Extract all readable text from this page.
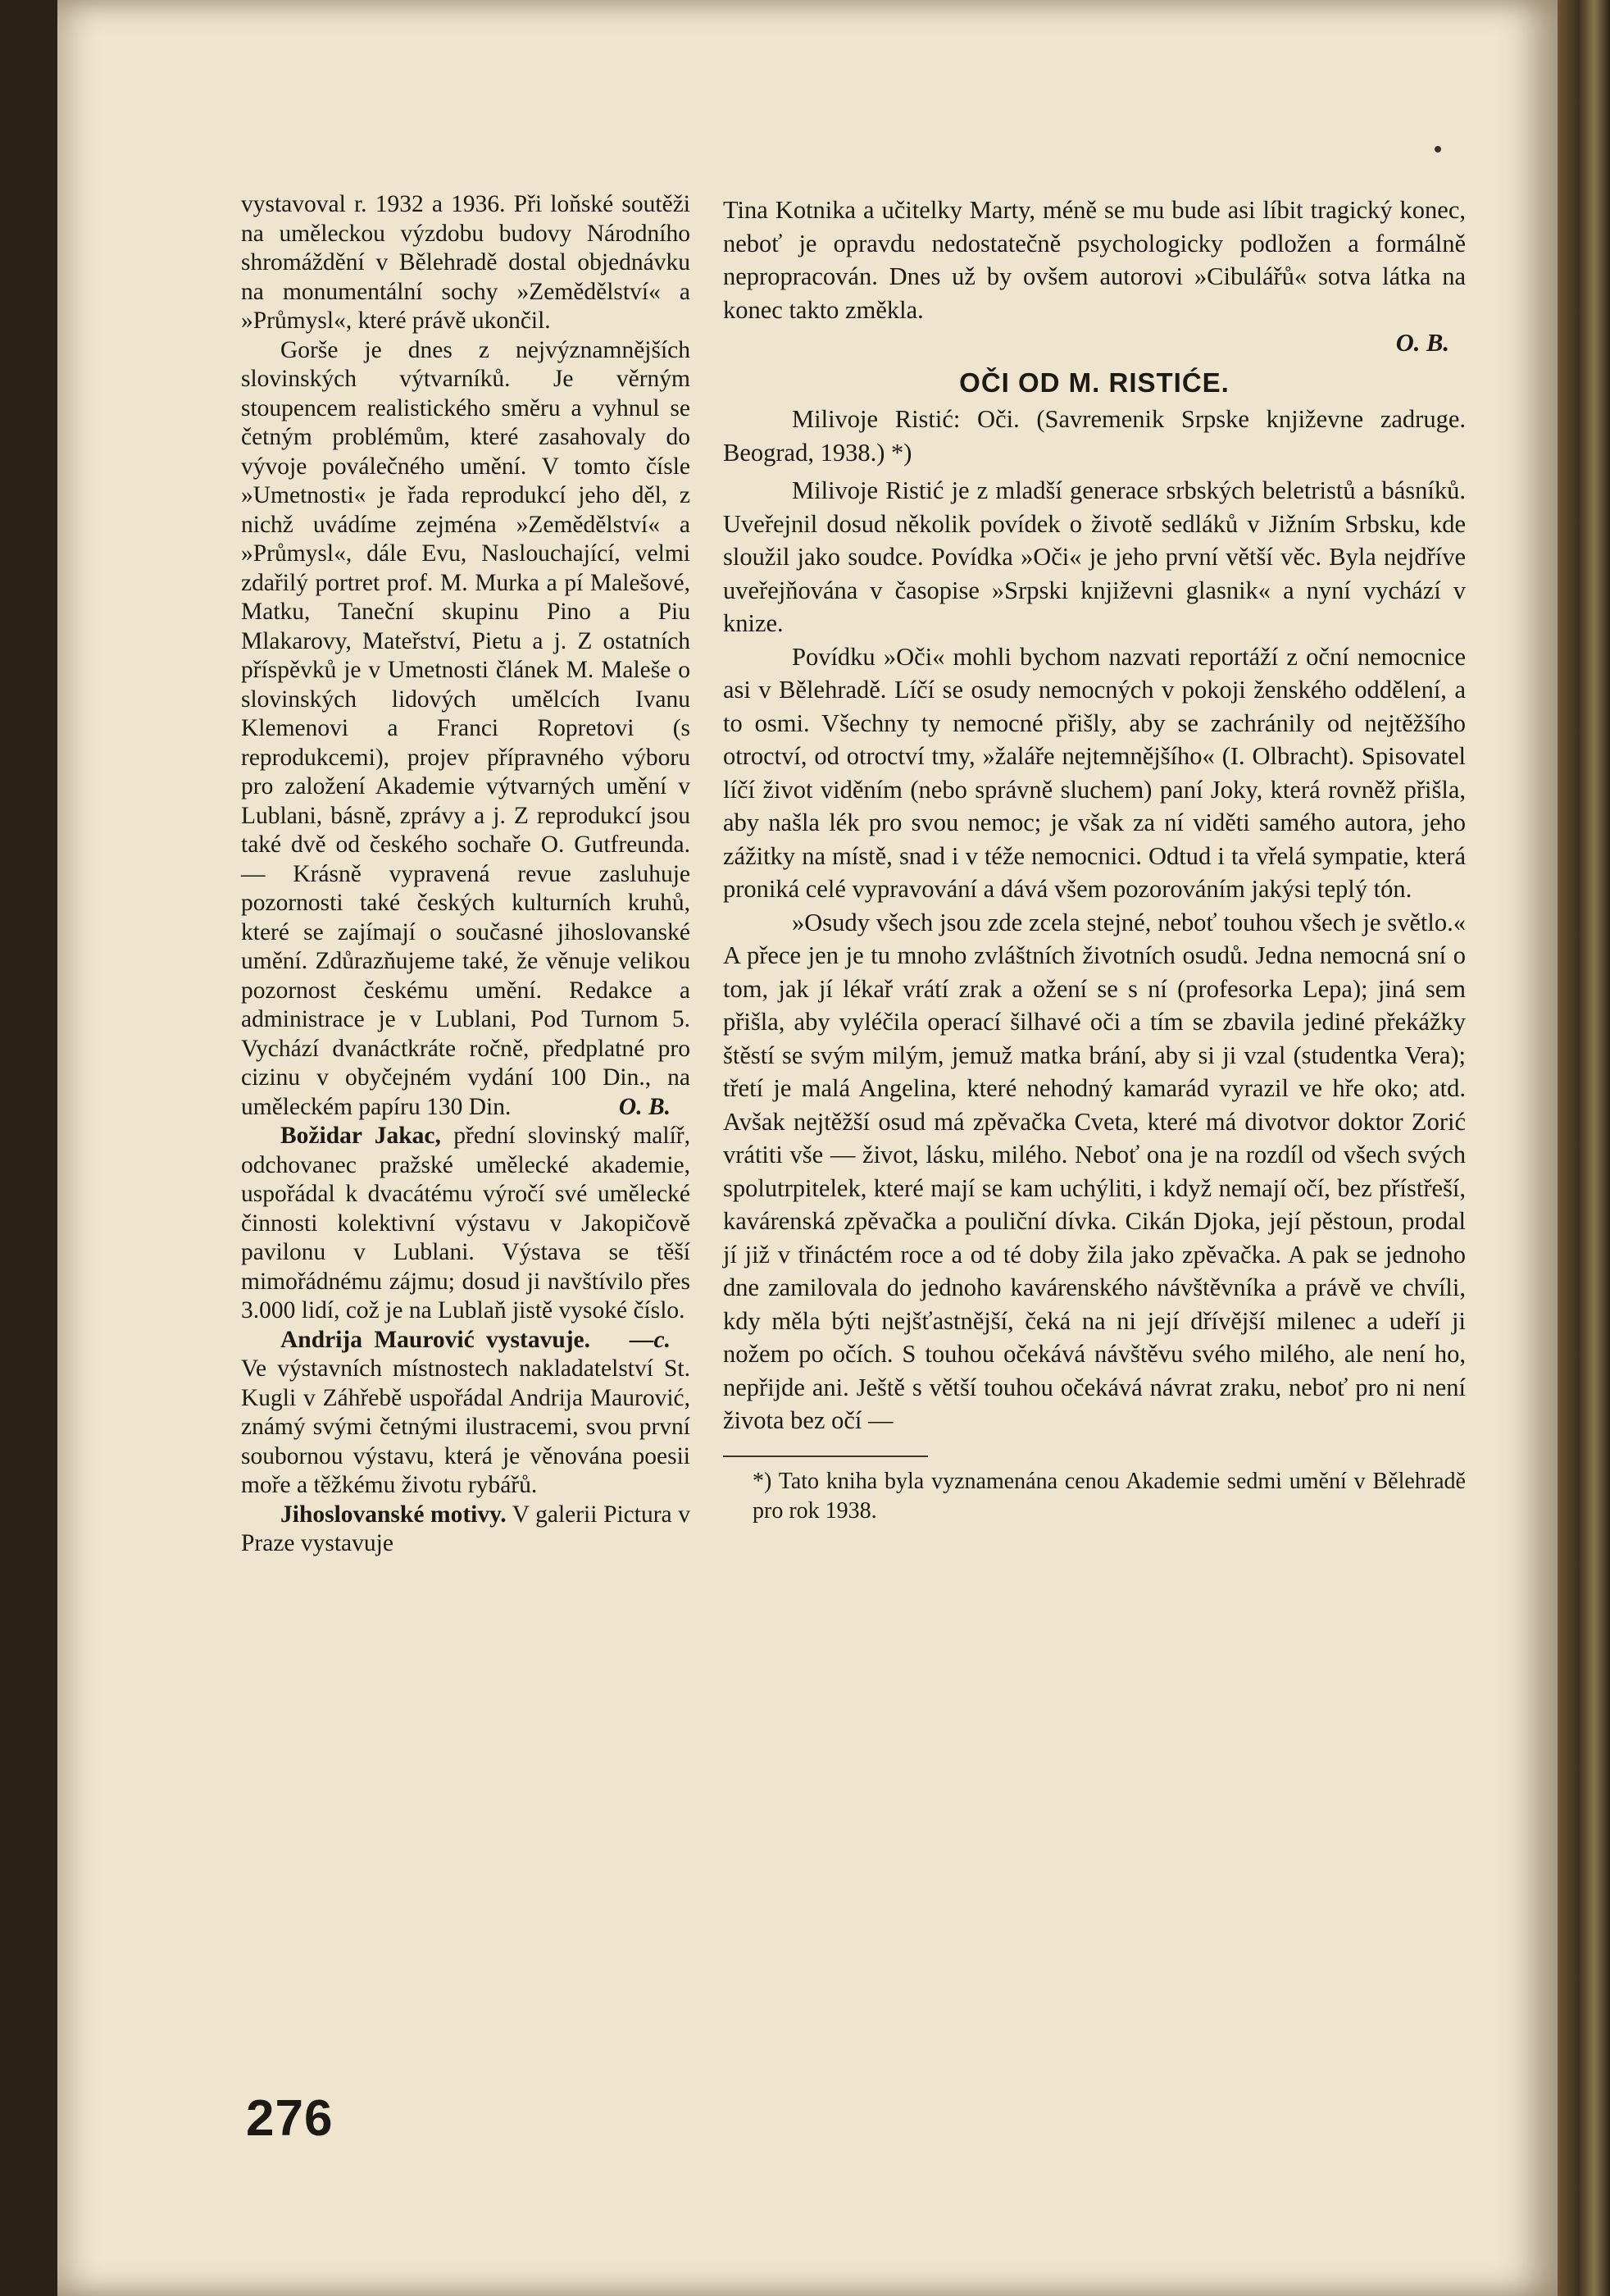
vystavoval r. 1932 a 1936. Při loňské soutěži na uměleckou výzdobu budovy Národního shromáždění v Bělehradě dostal objednávku na monumentální sochy »Zemědělství« a »Průmysl«, které právě ukončil.

Gorše je dnes z nejvýznamnějších slovinských výtvarníků. Je věrným stoupencem realistického směru a vyhnul se četným problémům, které zasahovaly do vývoje poválečného umění. V tomto čísle »Umetnosti« je řada reprodukcí jeho děl, z nichž uvádíme zejména »Zemědělství« a »Průmysl«, dále Evu, Naslouchající, velmi zdařilý portret prof. M. Murka a pí Malešové, Matku, Taneční skupinu Pino a Piu Mlakarovy, Mateřství, Pietu a j. Z ostatních příspěvků je v Umetnosti článek M. Maleše o slovinských lidových umělcích Ivanu Klemenovi a Franci Ropretovi (s reprodukcemi), projev přípravného výboru pro založení Akademie výtvarných umění v Lublani, básně, zprávy a j. Z reprodukcí jsou také dvě od českého sochaře O. Gutfreunda. — Krásně vypravená revue zasluhuje pozornosti také českých kulturních kruhů, které se zajímají o současné jihoslovanské umění. Zdůrazňujeme také, že věnuje velikou pozornost českému umění. Redakce a administrace je v Lublani, Pod Turnom 5. Vychází dvanáctkráte ročně, předplatné pro cizinu v obyčejném vydání 100 Din., na uměleckém papíru 130 Din.	O. B.

Božidar Jakac, přední slovinský malíř, odchovanec pražské umělecké akademie, uspořádal k dvacátému výročí své umělecké činnosti kolektivní výstavu v Jakopičově pavilonu v Lublani. Výstava se těší mimořádnému zájmu; dosud ji navštívilo přes 3.000 lidí, což je na Lublaň jistě vysoké číslo.
—c.

Andrija Maurović vystavuje. Ve výstavních místnostech nakladatelství St. Kugli v Záhřebě uspořádal Andrija Maurović, známý svými četnými ilustracemi, svou první soubornou výstavu, která je věnována poesii moře a těžkému životu rybářů.

Jihoslovanské motivy. V galerii Pictura v Praze vystavuje

Tina Kotnika a učitelky Marty, méně se mu bude asi líbit tragický konec, neboť je opravdu nedostatečně psychologicky podložen a formálně nepropracován. Dnes už by ovšem autorovi »Cibulářů« sotva látka na konec takto změkla.

O. B.
OČI OD M. RISTIĆE.

Milivoje Ristić: Oči. (Savremenik Srpske književne zadruge. Beograd, 1938.) *)

Milivoje Ristić je z mladší generace srbských beletristů a básníků. Uveřejnil dosud několik povídek o životě sedláků v Jižním Srbsku, kde sloužil jako soudce. Povídka »Oči« je jeho první větší věc. Byla nejdříve uveřejňována v časopise »Srpski književni glasnik« a nyní vychází v knize.

Povídku »Oči« mohli bychom nazvati reportáží z oční nemocnice asi v Bělehradě. Líčí se osudy nemocných v pokoji ženského oddělení, a to osmi. Všechny ty nemocné přišly, aby se zachránily od nejtěžšího otroctví, od otroctví tmy, »žaláře nejtemnějšího« (I. Olbracht). Spisovatel líčí život viděním (nebo správně sluchem) paní Joky, která rovněž přišla, aby našla lék pro svou nemoc; je však za ní viděti samého autora, jeho zážitky na místě, snad i v téže nemocnici. Odtud i ta vřelá sympatie, která proniká celé vypravování a dává všem pozorováním jakýsi teplý tón.

»Osudy všech jsou zde zcela stejné, neboť touhou všech je světlo.« A přece jen je tu mnoho zvláštních životních osudů. Jedna nemocná sní o tom, jak jí lékař vrátí zrak a ožení se s ní (profesorka Lepa); jiná sem přišla, aby vyléčila operací šilhavé oči a tím se zbavila jediné překážky štěstí se svým milým, jemuž matka brání, aby si ji vzal (studentka Vera); třetí je malá Angelina, které nehodný kamarád vyrazil ve hře oko; atd. Avšak nejtěžší osud má zpěvačka Cveta, které má divotvor doktor Zorić vrátiti vše — život, lásku, milého. Neboť ona je na rozdíl od všech svých spolutrpitelek, které mají se kam uchýliti, i když nemají očí, bez přístřeší, kavárenská zpěvačka a pouliční dívka. Cikán Djoka, její pěstoun, prodal jí již v třináctém roce a od té doby žila jako zpěvačka. A pak se jednoho dne zamilovala do jednoho kavárenského návštěvníka a právě ve chvíli, kdy měla býti nejšťastnější, čeká na ni její dřívější milenec a udeří ji nožem po očích. S touhou očekává návštěvu svého milého, ale není ho, nepřijde ani. Ještě s větší touhou očekává návrat zraku, neboť pro ni není života bez očí —

*) Tato kniha byla vyznamenána cenou Akademie sedmi umění v Bělehradě pro rok 1938.

276
